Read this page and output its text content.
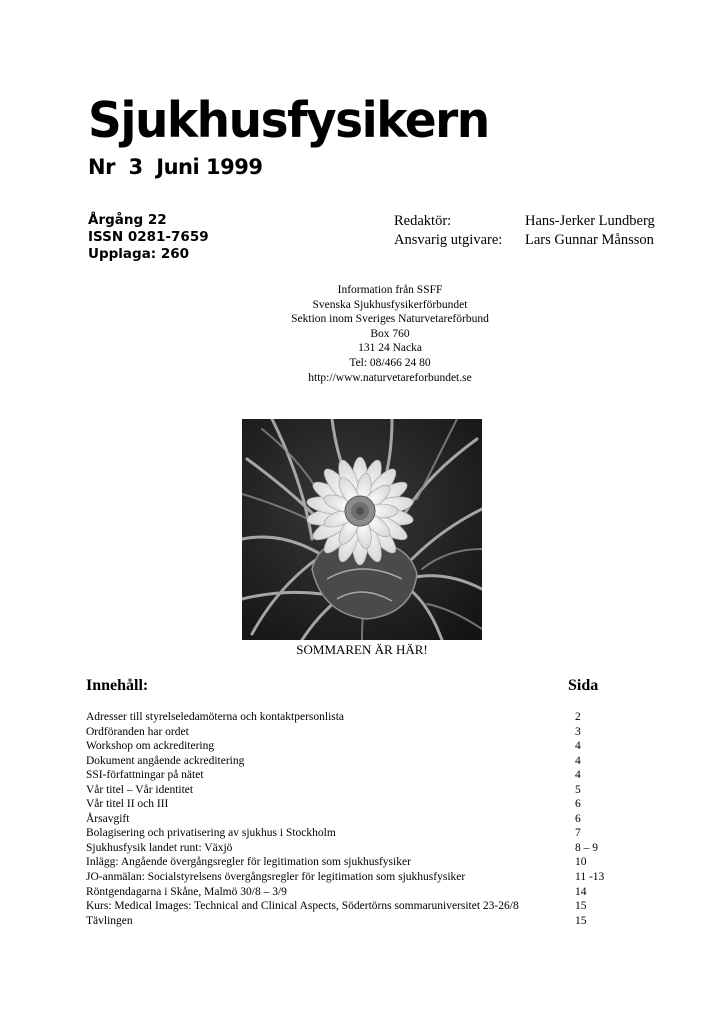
Sjukhusfysikern
Nr  3  Juni 1999
Årgång 22
ISSN 0281-7659
Upplaga: 260
Redaktör:	Hans-Jerker Lundberg
Ansvarig utgivare:	Lars Gunnar Månsson
Information från SSFF
Svenska Sjukhusfysikerförbundet
Sektion inom Sveriges Naturvetareförbund
Box 760
131 24 Nacka
Tel: 08/466 24 80
http://www.naturvetareforbundet.se
SOMMAREN ÄR HÄR!
Innehåll:	Sida
Adresser till styrelseledamöterna och kontaktpersonlista	2
Ordföranden har ordet	3
Workshop om ackreditering	4
Dokument angående ackreditering	4
SSI-författningar på nätet	4
Vår titel – Vår identitet	5
Vår titel II och III	6
Årsavgift	6
Bolagisering och privatisering av sjukhus i Stockholm	7
Sjukhusfysik landet runt: Växjö	8 – 9
Inlägg: Angående övergångsregler för legitimation som sjukhusfysiker	10
JO-anmälan: Socialstyrelsens övergångsregler för legitimation som sjukhusfysiker	11 -13
Röntgendagarna i Skåne, Malmö 30/8 – 3/9	14
Kurs: Medical Images: Technical and Clinical Aspects, Södertörns sommaruniversitet 23-26/8	15
Tävlingen	15
